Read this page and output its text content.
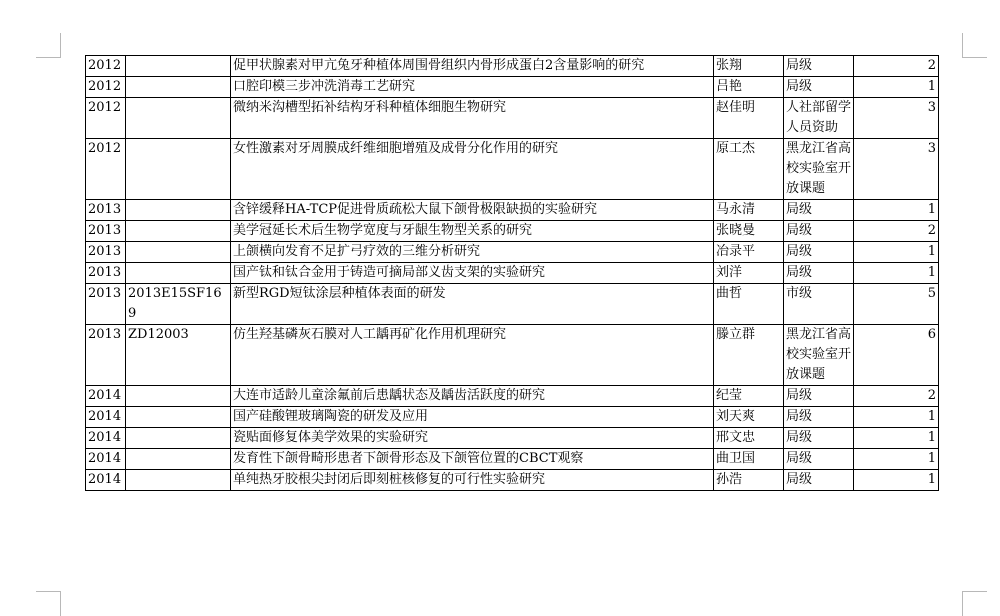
2012		促甲状腺素对甲亢兔牙种植体周围骨组织内骨形成蛋白2含量影响的研究	张翔	局级	2
2012		口腔印模三步冲洗消毒工艺研究	吕艳	局级	1
2012		微纳米沟槽型拓补结构牙科种植体细胞生物研究	赵佳明	人社部留学人员资助	3
2012		女性激素对牙周膜成纤维细胞增殖及成骨分化作用的研究	原工杰	黑龙江省高校实验室开放课题	3
2013		含锌缓释HA-TCP促进骨质疏松大鼠下颌骨极限缺损的实验研究	马永清	局级	1
2013		美学冠延长术后生物学宽度与牙龈生物型关系的研究	张晓曼	局级	2
2013		上颌横向发育不足扩弓疗效的三维分析研究	冶录平	局级	1
2013		国产钛和钛合金用于铸造可摘局部义齿支架的实验研究	刘洋	局级	1
2013	2013E15SF169	新型RGD短钛涂层种植体表面的研发	曲哲	市级	5
2013	ZD12003	仿生羟基磷灰石膜对人工龋再矿化作用机理研究	滕立群	黑龙江省高校实验室开放课题	6
2014		大连市适龄儿童涂氟前后患龋状态及龋齿活跃度的研究	纪莹	局级	2
2014		国产硅酸锂玻璃陶瓷的研发及应用	刘天爽	局级	1
2014		瓷贴面修复体美学效果的实验研究	邢文忠	局级	1
2014		发育性下颌骨畸形患者下颌骨形态及下颌管位置的CBCT观察	曲卫国	局级	1
2014		单纯热牙胶根尖封闭后即刻桩核修复的可行性实验研究	孙浩	局级	1
